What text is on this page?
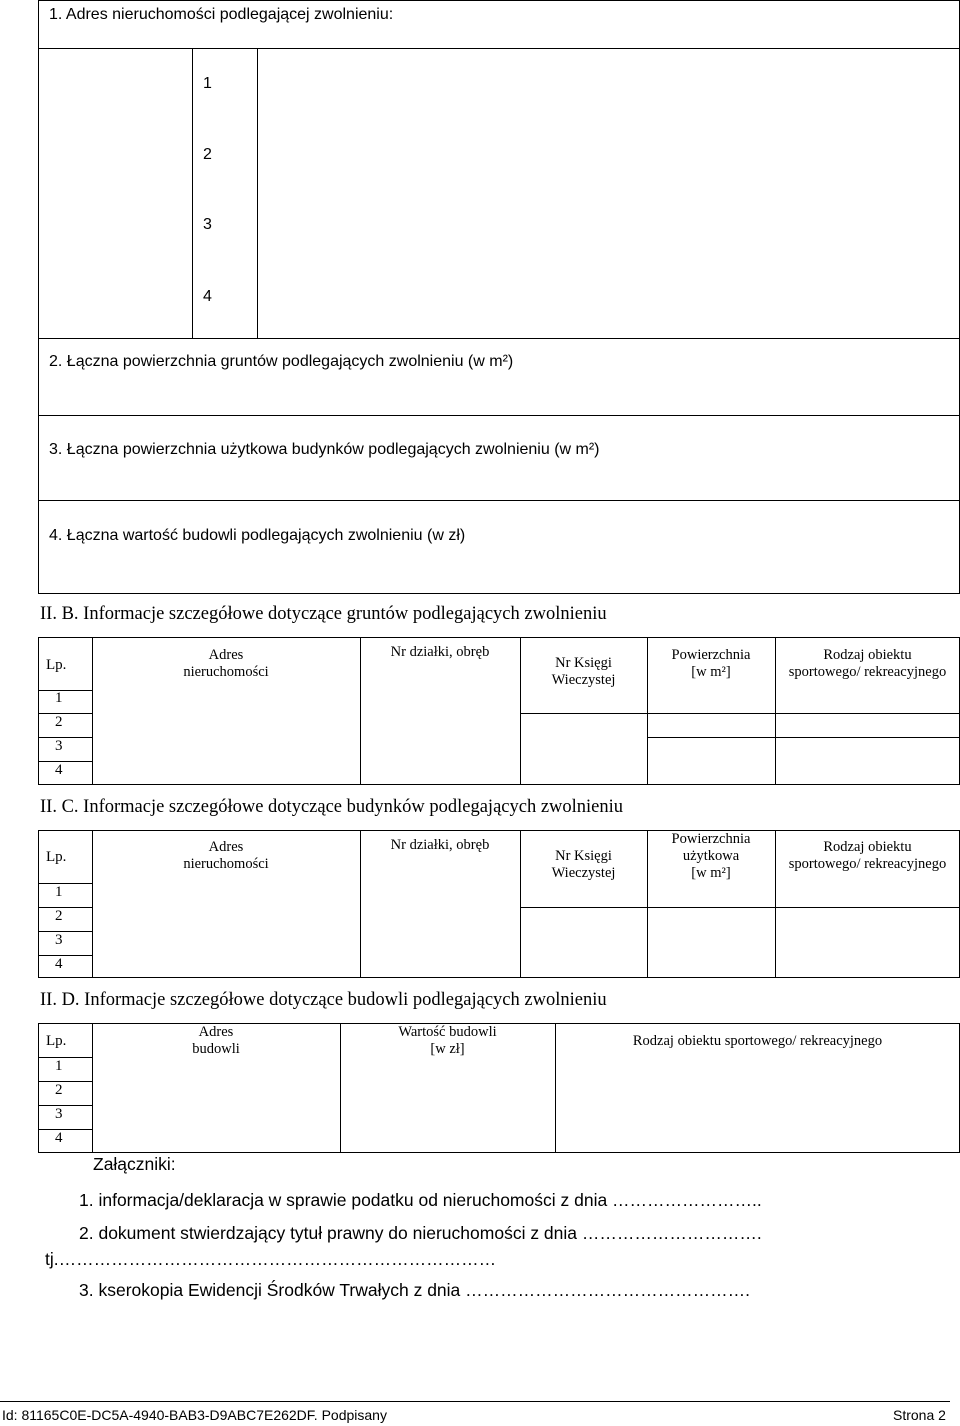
1. Adres nieruchomości podlegającej zwolnieniu:
1
2
3
4
2. Łączna powierzchnia gruntów podlegających zwolnieniu (w m²)
3. Łączna powierzchnia użytkowa budynków podlegających zwolnieniu (w m²)
4. Łączna wartość budowli podlegających zwolnieniu (w zł)
II. B. Informacje szczegółowe dotyczące gruntów podlegających zwolnieniu
Lp.
Adres
nieruchomości
Nr działki, obręb
Nr Księgi
Wieczystej
Powierzchnia
[w m²]
Rodzaj obiektu
sportowego/ rekreacyjnego
1
2
3
4
II. C. Informacje szczegółowe dotyczące budynków podlegających zwolnieniu
Lp.
Adres
nieruchomości
Nr działki, obręb
Nr Księgi
Wieczystej
Powierzchnia
użytkowa
[w m²]
Rodzaj obiektu
sportowego/ rekreacyjnego
1
2
3
4
II. D. Informacje szczegółowe dotyczące budowli podlegających zwolnieniu
Lp.
Adres
budowli
Wartość budowli
[w zł]	Rodzaj obiektu sportowego/ rekreacyjnego
1
2
3
4
Załączniki:
1. informacja/deklaracja w sprawie podatku od nieruchomości z dnia ……………………..
2. dokument stwierdzający tytuł prawny do nieruchomości z dnia ………………………….
tj.…………………………………………………………………
3. kserokopia Ewidencji Środków Trwałych z dnia ………………………………………….
Id: 81165C0E-DC5A-4940-BAB3-D9ABC7E262DF. Podpisany	Strona 2
